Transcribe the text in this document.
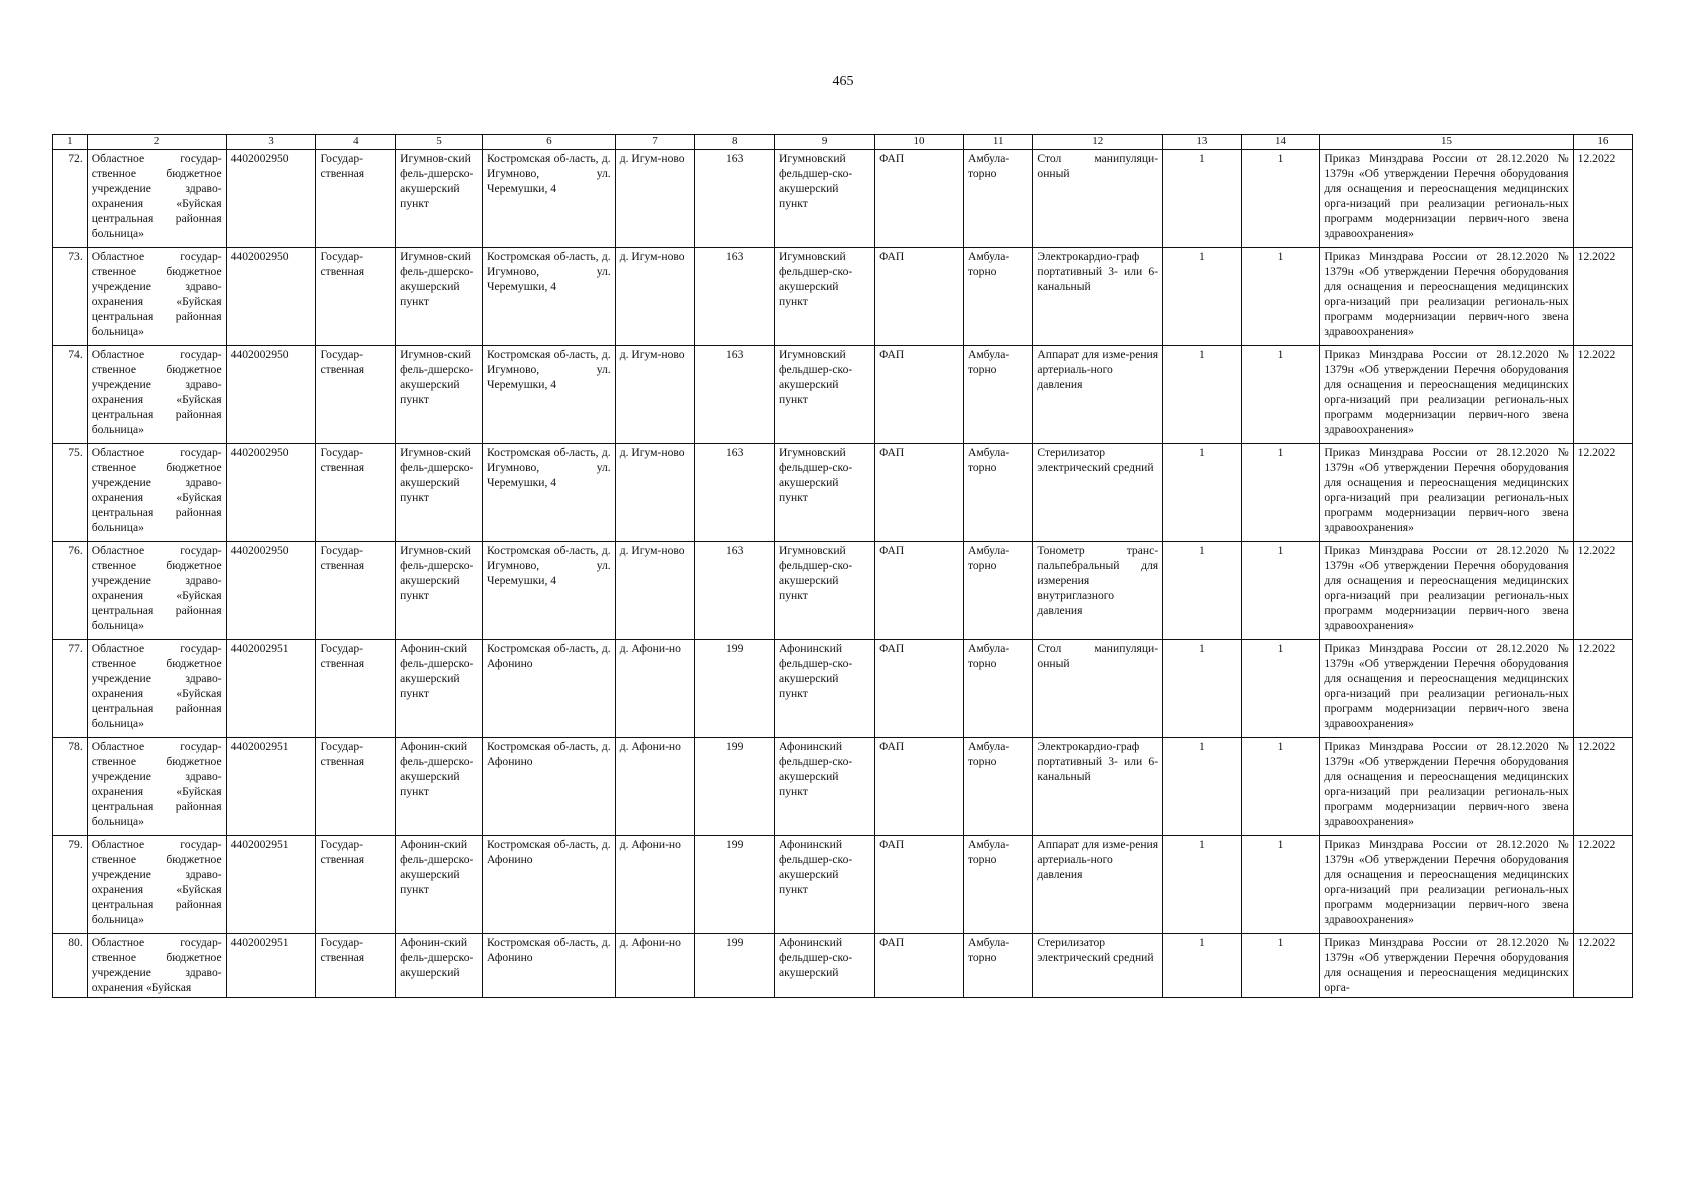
465
1	2	3	4	5	6	7	8	9	10	11	12	13	14	15	16
72.	Областное государ-ственное бюджетное учреждение здраво-охранения «Буйская центральная районная больница»	4402002950	Государ-ственная	Игумнов-ский фель-дшерско-акушерский пункт	Костромская об-ласть, д. Игумново, ул. Черемушки, 4	д. Игум-ново	163	Игумновский фельдшер-ско-акушерский пункт	ФАП	Амбула-торно	Стол манипуляци-онный	1	1	Приказ Минздрава России от 28.12.2020 № 1379н «Об утверждении Перечня оборудования для оснащения и переоснащения медицинских орга-низаций при реализации региональ-ных программ модернизации первич-ного звена здравоохранения»	12.2022
73.	Областное государ-ственное бюджетное учреждение здраво-охранения «Буйская центральная районная больница»	4402002950	Государ-ственная	Игумнов-ский фель-дшерско-акушерский пункт	Костромская об-ласть, д. Игумново, ул. Черемушки, 4	д. Игум-ново	163	Игумновский фельдшер-ско-акушерский пункт	ФАП	Амбула-торно	Электрокардио-граф портативный 3- или 6-канальный	1	1	Приказ Минздрава России от 28.12.2020 № 1379н «Об утверждении Перечня оборудования для оснащения и переоснащения медицинских орга-низаций при реализации региональ-ных программ модернизации первич-ного звена здравоохранения»	12.2022
74.	Областное государ-ственное бюджетное учреждение здраво-охранения «Буйская центральная районная больница»	4402002950	Государ-ственная	Игумнов-ский фель-дшерско-акушерский пункт	Костромская об-ласть, д. Игумново, ул. Черемушки, 4	д. Игум-ново	163	Игумновский фельдшер-ско-акушерский пункт	ФАП	Амбула-торно	Аппарат для изме-рения артериаль-ного давления	1	1	Приказ Минздрава России от 28.12.2020 № 1379н «Об утверждении Перечня оборудования для оснащения и переоснащения медицинских орга-низаций при реализации региональ-ных программ модернизации первич-ного звена здравоохранения»	12.2022
75.	Областное государ-ственное бюджетное учреждение здраво-охранения «Буйская центральная районная больница»	4402002950	Государ-ственная	Игумнов-ский фель-дшерско-акушерский пункт	Костромская об-ласть, д. Игумново, ул. Черемушки, 4	д. Игум-ново	163	Игумновский фельдшер-ско-акушерский пункт	ФАП	Амбула-торно	Стерилизатор электрический средний	1	1	Приказ Минздрава России от 28.12.2020 № 1379н «Об утверждении Перечня оборудования для оснащения и переоснащения медицинских орга-низаций при реализации региональ-ных программ модернизации первич-ного звена здравоохранения»	12.2022
76.	Областное государ-ственное бюджетное учреждение здраво-охранения «Буйская центральная районная больница»	4402002950	Государ-ственная	Игумнов-ский фель-дшерско-акушерский пункт	Костромская об-ласть, д. Игумново, ул. Черемушки, 4	д. Игум-ново	163	Игумновский фельдшер-ско-акушерский пункт	ФАП	Амбула-торно	Тонометр транс-пальпебральный для измерения внутриглазного давления	1	1	Приказ Минздрава России от 28.12.2020 № 1379н «Об утверждении Перечня оборудования для оснащения и переоснащения медицинских орга-низаций при реализации региональ-ных программ модернизации первич-ного звена здравоохранения»	12.2022
77.	Областное государ-ственное бюджетное учреждение здраво-охранения «Буйская центральная районная больница»	4402002951	Государ-ственная	Афонин-ский фель-дшерско-акушерский пункт	Костромская об-ласть, д. Афонино	д. Афони-но	199	Афонинский фельдшер-ско-акушерский пункт	ФАП	Амбула-торно	Стол манипуляци-онный	1	1	Приказ Минздрава России от 28.12.2020 № 1379н «Об утверждении Перечня оборудования для оснащения и переоснащения медицинских орга-низаций при реализации региональ-ных программ модернизации первич-ного звена здравоохранения»	12.2022
78.	Областное государ-ственное бюджетное учреждение здраво-охранения «Буйская центральная районная больница»	4402002951	Государ-ственная	Афонин-ский фель-дшерско-акушерский пункт	Костромская об-ласть, д. Афонино	д. Афони-но	199	Афонинский фельдшер-ско-акушерский пункт	ФАП	Амбула-торно	Электрокардио-граф портативный 3- или 6-канальный	1	1	Приказ Минздрава России от 28.12.2020 № 1379н «Об утверждении Перечня оборудования для оснащения и переоснащения медицинских орга-низаций при реализации региональ-ных программ модернизации первич-ного звена здравоохранения»	12.2022
79.	Областное государ-ственное бюджетное учреждение здраво-охранения «Буйская центральная районная больница»	4402002951	Государ-ственная	Афонин-ский фель-дшерско-акушерский пункт	Костромская об-ласть, д. Афонино	д. Афони-но	199	Афонинский фельдшер-ско-акушерский пункт	ФАП	Амбула-торно	Аппарат для изме-рения артериаль-ного давления	1	1	Приказ Минздрава России от 28.12.2020 № 1379н «Об утверждении Перечня оборудования для оснащения и переоснащения медицинских орга-низаций при реализации региональ-ных программ модернизации первич-ного звена здравоохранения»	12.2022
80.	Областное государ-ственное бюджетное учреждение здраво-охранения «Буйская	4402002951	Государ-ственная	Афонин-ский фель-дшерско-акушерский	Костромская об-ласть, д. Афонино	д. Афони-но	199	Афонинский фельдшер-ско-акушерский	ФАП	Амбула-торно	Стерилизатор электрический средний	1	1	Приказ Минздрава России от 28.12.2020 № 1379н «Об утверждении Перечня оборудования для оснащения и переоснащения медицинских орга-	12.2022
